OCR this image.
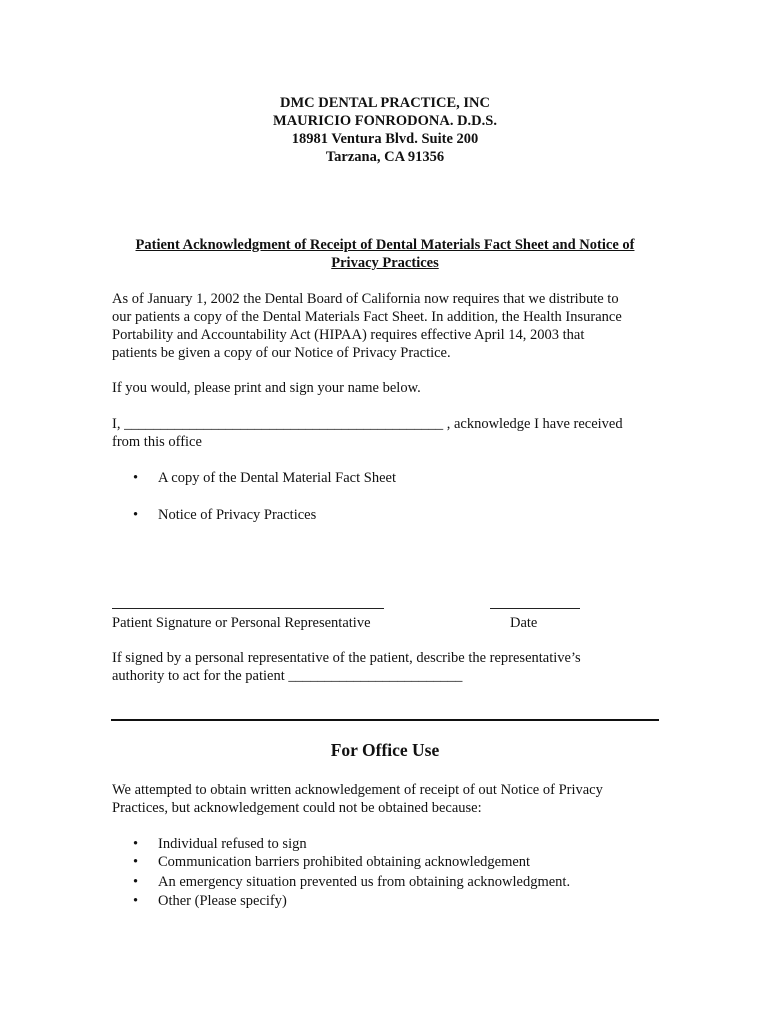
DMC DENTAL PRACTICE, INC
MAURICIO FONRODONA. D.D.S.
18981 Ventura Blvd. Suite 200
Tarzana, CA 91356
Patient Acknowledgment of Receipt of Dental Materials Fact Sheet and Notice of
Privacy Practices
As of January 1, 2002 the Dental Board of California now requires that we distribute to
our patients a copy of the Dental Materials Fact Sheet. In addition, the Health Insurance
Portability and Accountability Act (HIPAA) requires effective April 14, 2003 that
patients be given a copy of our Notice of Privacy Practice.
If you would, please print and sign your name below.
I, ____________________________________________ , acknowledge I have received
from this office
• A copy of the Dental Material Fact Sheet
• Notice of Privacy Practices
Patient Signature or Personal Representative	Date
If signed by a personal representative of the patient, describe the representative’s
authority to act for the patient ________________________
For Office Use
We attempted to obtain written acknowledgement of receipt of out Notice of Privacy
Practices, but acknowledgement could not be obtained because:
• Individual refused to sign
• Communication barriers prohibited obtaining acknowledgement
• An emergency situation prevented us from obtaining acknowledgment.
• Other (Please specify)
